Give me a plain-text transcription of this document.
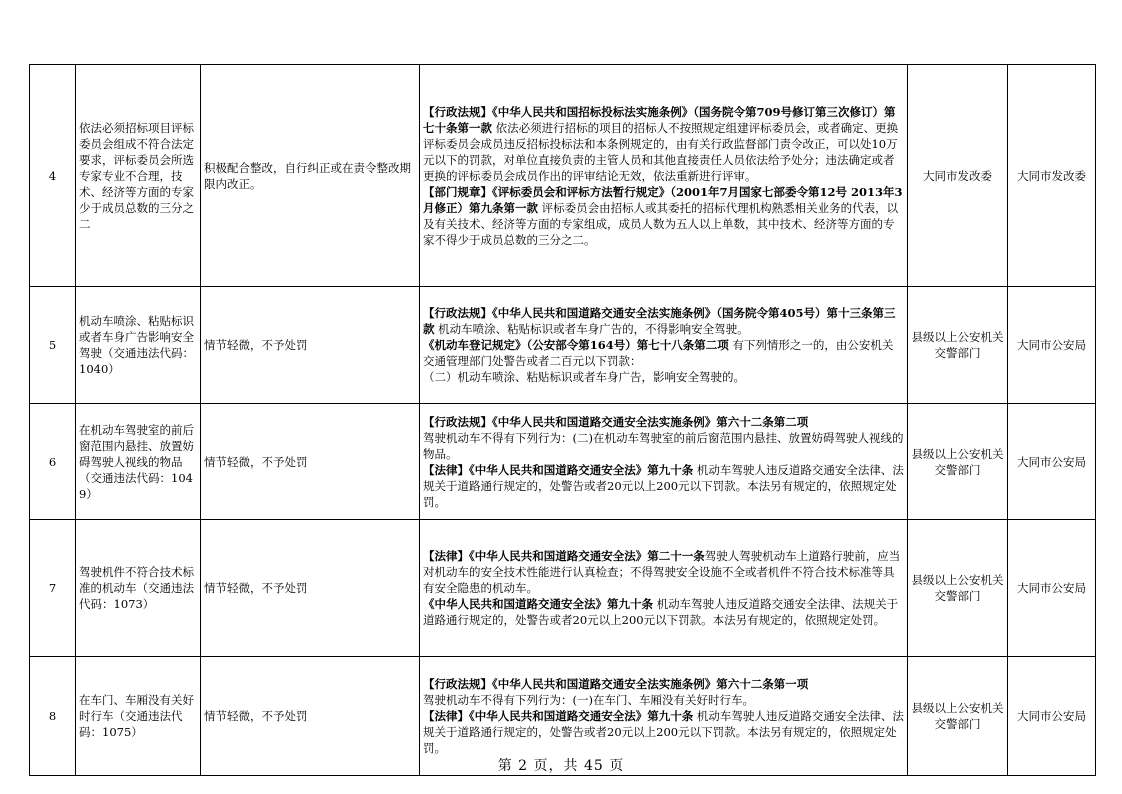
4	依法必须招标项目评标委员会组成不符合法定要求，评标委员会所选专家专业不合理，技术、经济等方面的专家少于成员总数的三分之二	积极配合整改，自行纠正或在责令整改期限内改正。	【行政法规】《中华人民共和国招标投标法实施条例》（国务院令第709号修订第三次修订）第七十条第一款 依法必须进行招标的项目的招标人不按照规定组建评标委员会，或者确定、更换评标委员会成员违反招标投标法和本条例规定的，由有关行政监督部门责令改正，可以处10万元以下的罚款，对单位直接负责的主管人员和其他直接责任人员依法给予处分；违法确定或者更换的评标委员会成员作出的评审结论无效，依法重新进行评审。
【部门规章】《评标委员会和评标方法暂行规定》（2001年7月国家七部委令第12号 2013年3月修正）第九条第一款 评标委员会由招标人或其委托的招标代理机构熟悉相关业务的代表，以及有关技术、经济等方面的专家组成，成员人数为五人以上单数，其中技术、经济等方面的专家不得少于成员总数的三分之二。	大同市发改委	大同市发改委
5	机动车喷涂、粘贴标识或者车身广告影响安全驾驶（交通违法代码：1040）	情节轻微，不予处罚	【行政法规】《中华人民共和国道路交通安全法实施条例》（国务院令第405号）第十三条第三款 机动车喷涂、粘贴标识或者车身广告的，不得影响安全驾驶。
《机动车登记规定》（公安部令第164号）第七十八条第二项 有下列情形之一的，由公安机关交通管理部门处警告或者二百元以下罚款：
（二）机动车喷涂、粘贴标识或者车身广告，影响安全驾驶的。	县级以上公安机关交警部门	大同市公安局
6	在机动车驾驶室的前后窗范围内悬挂、放置妨碍驾驶人视线的物品（交通违法代码：1049）	情节轻微，不予处罚	【行政法规】《中华人民共和国道路交通安全法实施条例》第六十二条第二项
驾驶机动车不得有下列行为：(二)在机动车驾驶室的前后窗范围内悬挂、放置妨碍驾驶人视线的物品。
【法律】《中华人民共和国道路交通安全法》第九十条 机动车驾驶人违反道路交通安全法律、法规关于道路通行规定的，处警告或者20元以上200元以下罚款。本法另有规定的，依照规定处罚。	县级以上公安机关交警部门	大同市公安局
7	驾驶机件不符合技术标准的机动车（交通违法代码：1073）	情节轻微，不予处罚	【法律】《中华人民共和国道路交通安全法》第二十一条驾驶人驾驶机动车上道路行驶前，应当对机动车的安全技术性能进行认真检查；不得驾驶安全设施不全或者机件不符合技术标准等具有安全隐患的机动车。
《中华人民共和国道路交通安全法》第九十条 机动车驾驶人违反道路交通安全法律、法规关于道路通行规定的，处警告或者20元以上200元以下罚款。本法另有规定的，依照规定处罚。	县级以上公安机关交警部门	大同市公安局
8	在车门、车厢没有关好时行车（交通违法代码：1075）	情节轻微，不予处罚	【行政法规】《中华人民共和国道路交通安全法实施条例》第六十二条第一项
驾驶机动车不得有下列行为：(一)在车门、车厢没有关好时行车。
【法律】《中华人民共和国道路交通安全法》第九十条 机动车驾驶人违反道路交通安全法律、法规关于道路通行规定的，处警告或者20元以上200元以下罚款。本法另有规定的，依照规定处罚。	县级以上公安机关交警部门	大同市公安局
第 2 页，共 45 页
